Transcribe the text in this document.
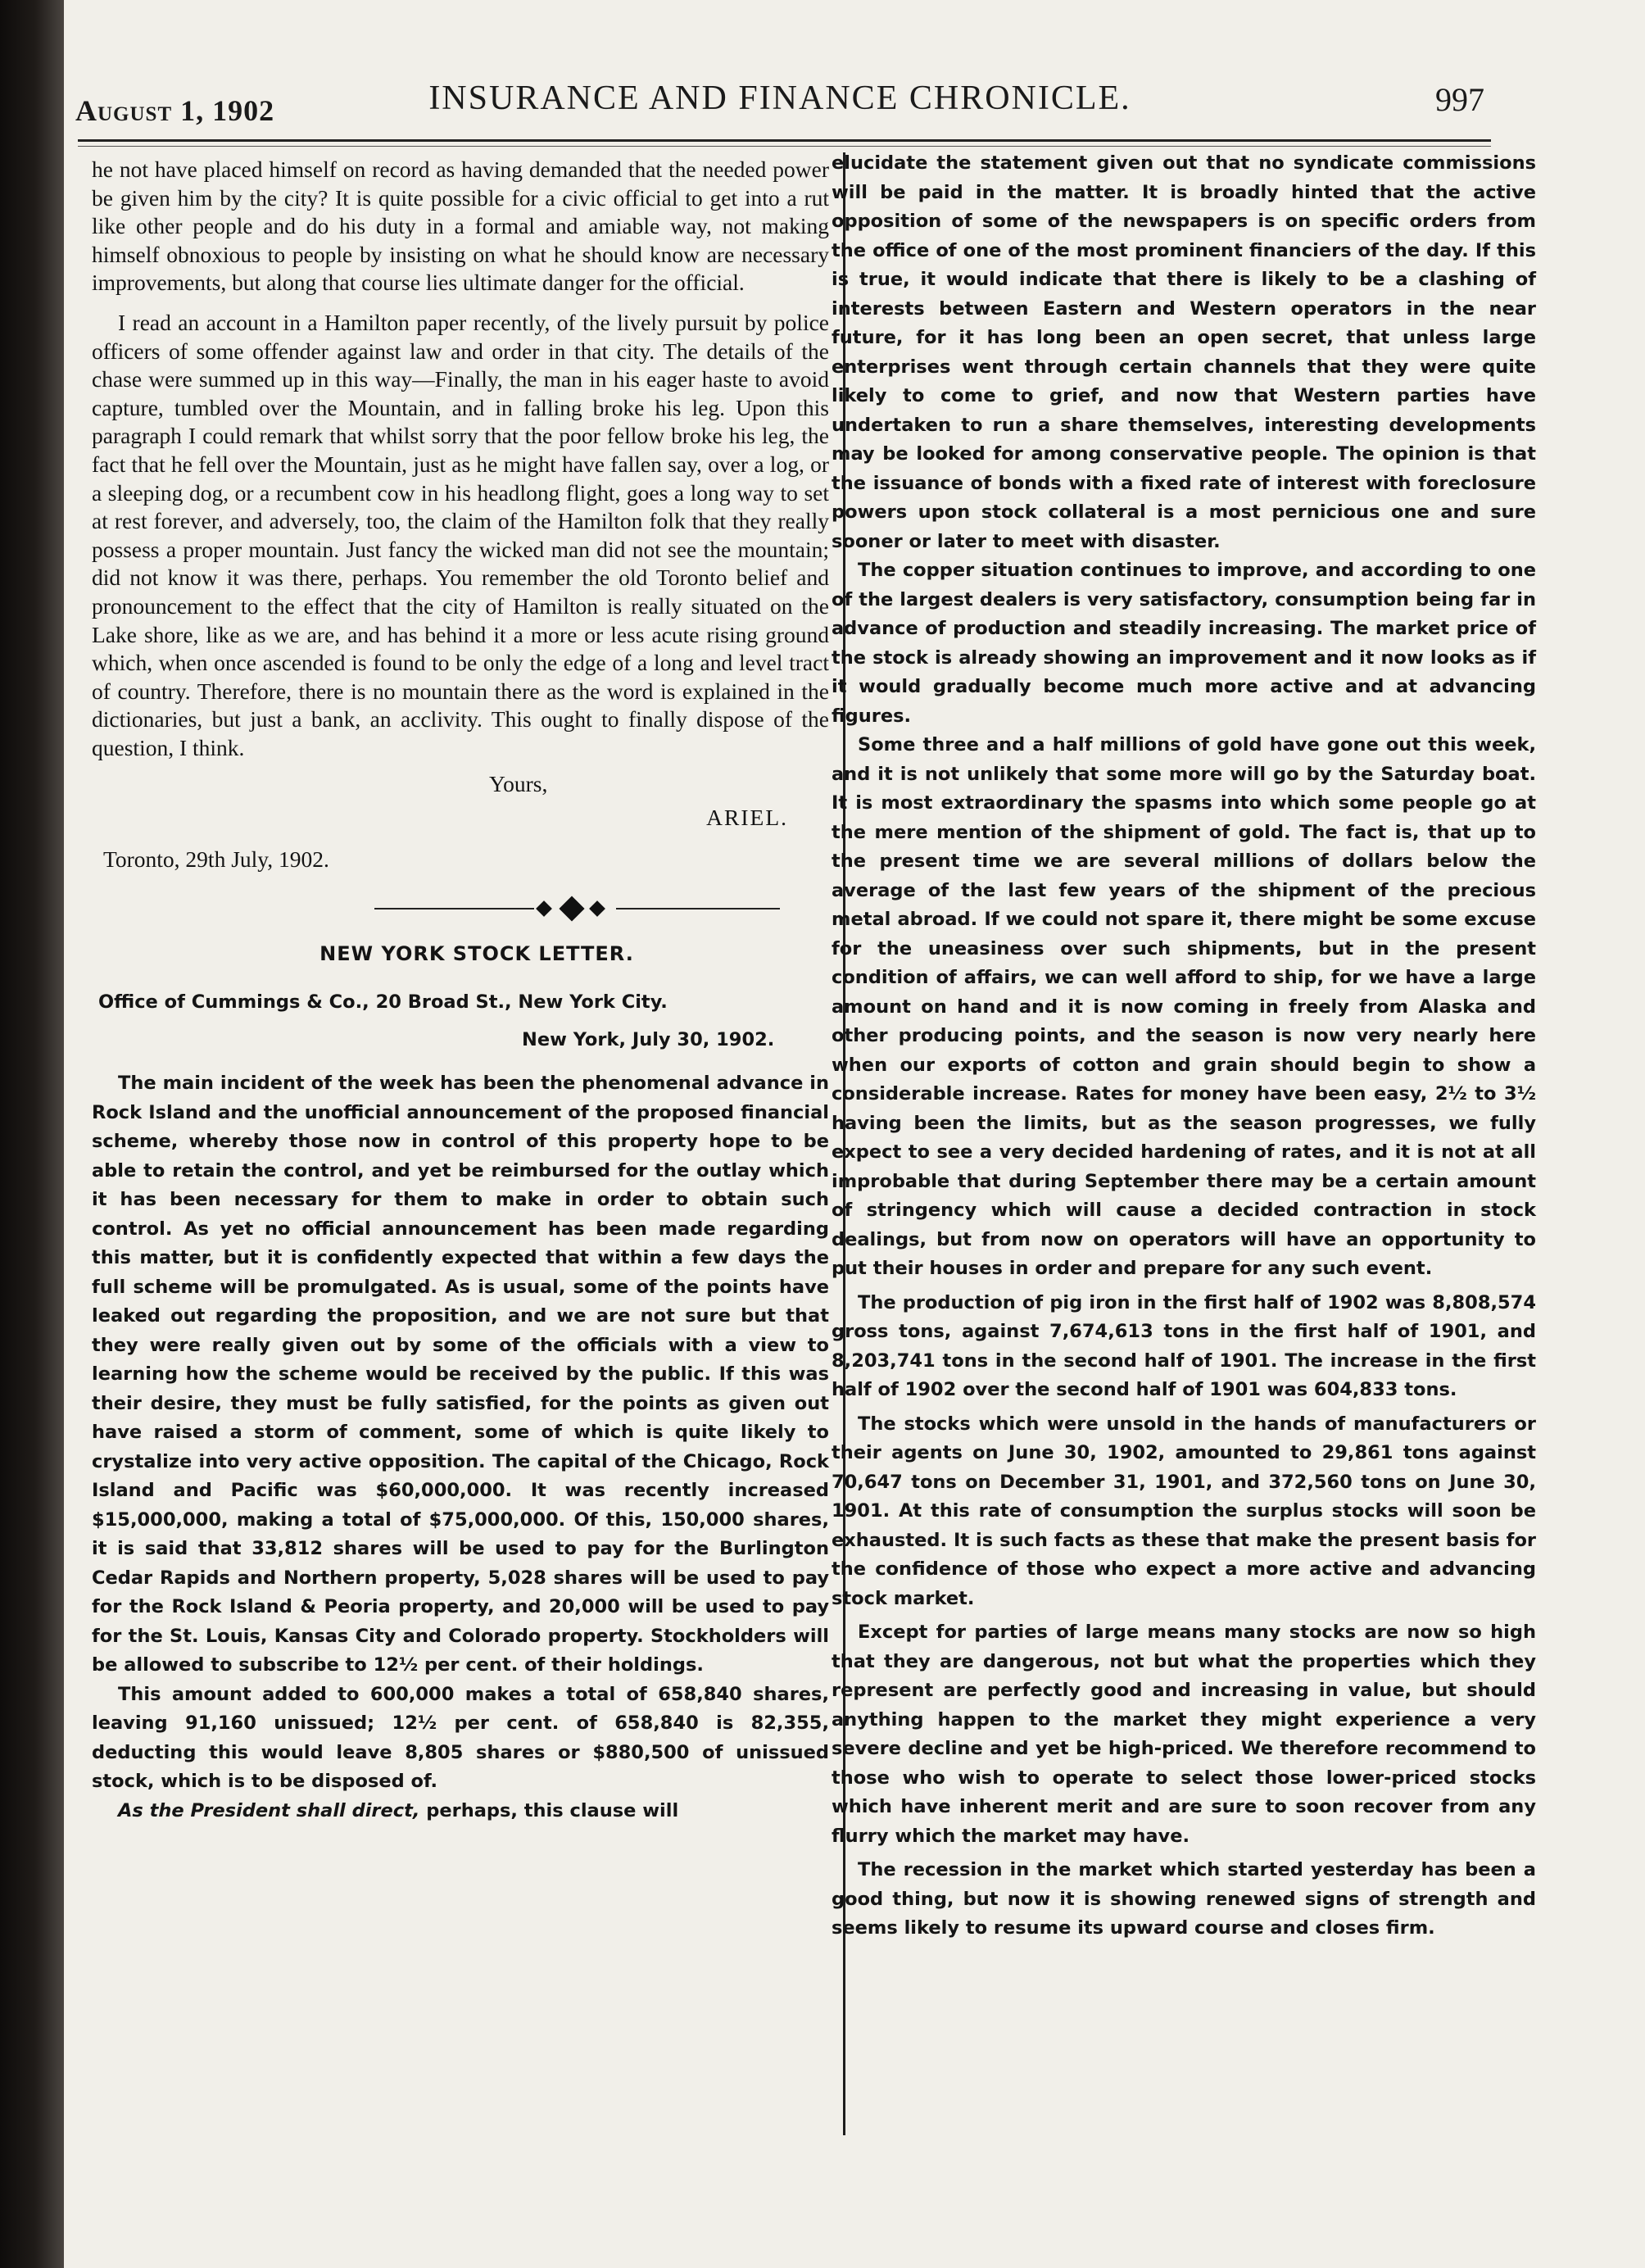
August 1, 1902	INSURANCE AND FINANCE CHRONICLE.	997

he not have placed himself on record as having demanded that the needed power be given him by the city? It is quite possible for a civic official to get into a rut like other people and do his duty in a formal and amiable way, not making himself obnoxious to people by insisting on what he should know are necessary improvements, but along that course lies ultimate danger for the official.

I read an account in a Hamilton paper recently, of the lively pursuit by police officers of some offender against law and order in that city. The details of the chase were summed up in this way—Finally, the man in his eager haste to avoid capture, tumbled over the Mountain, and in falling broke his leg. Upon this paragraph I could remark that whilst sorry that the poor fellow broke his leg, the fact that he fell over the Mountain, just as he might have fallen say, over a log, or a sleeping dog, or a recumbent cow in his headlong flight, goes a long way to set at rest forever, and adversely, too, the claim of the Hamilton folk that they really possess a proper mountain. Just fancy the wicked man did not see the mountain; did not know it was there, perhaps. You remember the old Toronto belief and pronouncement to the effect that the city of Hamilton is really situated on the Lake shore, like as we are, and has behind it a more or less acute rising ground which, when once ascended is found to be only the edge of a long and level tract of country. Therefore, there is no mountain there as the word is explained in the dictionaries, but just a bank, an acclivity. This ought to finally dispose of the question, I think.

Yours,

ARIEL.

Toronto, 29th July, 1902.

NEW YORK STOCK LETTER.

Office of Cummings & Co., 20 Broad St., New York City.

New York, July 30, 1902.

The main incident of the week has been the phenomenal advance in Rock Island and the unofficial announcement of the proposed financial scheme, whereby those now in control of this property hope to be able to retain the control, and yet be reimbursed for the outlay which it has been necessary for them to make in order to obtain such control. As yet no official announcement has been made regarding this matter, but it is confidently expected that within a few days the full scheme will be promulgated. As is usual, some of the points have leaked out regarding the proposition, and we are not sure but that they were really given out by some of the officials with a view to learning how the scheme would be received by the public. If this was their desire, they must be fully satisfied, for the points as given out have raised a storm of comment, some of which is quite likely to crystalize into very active opposition. The capital of the Chicago, Rock Island and Pacific was $60,000,000. It was recently increased $15,000,000, making a total of $75,000,000. Of this, 150,000 shares, it is said that 33,812 shares will be used to pay for the Burlington Cedar Rapids and Northern property, 5,028 shares will be used to pay for the Rock Island & Peoria property, and 20,000 will be used to pay for the St. Louis, Kansas City and Colorado property. Stockholders will be allowed to subscribe to 12½ per cent. of their holdings.

This amount added to 600,000 makes a total of 658,840 shares, leaving 91,160 unissued; 12½ per cent. of 658,840 is 82,355, deducting this would leave 8,805 shares or $880,500 of unissued stock, which is to be disposed of.

As the President shall direct, perhaps, this clause will

elucidate the statement given out that no syndicate commissions will be paid in the matter. It is broadly hinted that the active opposition of some of the newspapers is on specific orders from the office of one of the most prominent financiers of the day. If this is true, it would indicate that there is likely to be a clashing of interests between Eastern and Western operators in the near future, for it has long been an open secret, that unless large enterprises went through certain channels that they were quite likely to come to grief, and now that Western parties have undertaken to run a share themselves, interesting developments may be looked for among conservative people. The opinion is that the issuance of bonds with a fixed rate of interest with foreclosure powers upon stock collateral is a most pernicious one and sure sooner or later to meet with disaster.

The copper situation continues to improve, and according to one of the largest dealers is very satisfactory, consumption being far in advance of production and steadily increasing. The market price of the stock is already showing an improvement and it now looks as if it would gradually become much more active and at advancing figures.

Some three and a half millions of gold have gone out this week, and it is not unlikely that some more will go by the Saturday boat. It is most extraordinary the spasms into which some people go at the mere mention of the shipment of gold. The fact is, that up to the present time we are several millions of dollars below the average of the last few years of the shipment of the precious metal abroad. If we could not spare it, there might be some excuse for the uneasiness over such shipments, but in the present condition of affairs, we can well afford to ship, for we have a large amount on hand and it is now coming in freely from Alaska and other producing points, and the season is now very nearly here when our exports of cotton and grain should begin to show a considerable increase. Rates for money have been easy, 2½ to 3½ having been the limits, but as the season progresses, we fully expect to see a very decided hardening of rates, and it is not at all improbable that during September there may be a certain amount of stringency which will cause a decided contraction in stock dealings, but from now on operators will have an opportunity to put their houses in order and prepare for any such event.

The production of pig iron in the first half of 1902 was 8,808,574 gross tons, against 7,674,613 tons in the first half of 1901, and 8,203,741 tons in the second half of 1901. The increase in the first half of 1902 over the second half of 1901 was 604,833 tons.

The stocks which were unsold in the hands of manufacturers or their agents on June 30, 1902, amounted to 29,861 tons against 70,647 tons on December 31, 1901, and 372,560 tons on June 30, 1901. At this rate of consumption the surplus stocks will soon be exhausted. It is such facts as these that make the present basis for the confidence of those who expect a more active and advancing stock market.

Except for parties of large means many stocks are now so high that they are dangerous, not but what the properties which they represent are perfectly good and increasing in value, but should anything happen to the market they might experience a very severe decline and yet be high-priced. We therefore recommend to those who wish to operate to select those lower-priced stocks which have inherent merit and are sure to soon recover from any flurry which the market may have.

The recession in the market which started yesterday has been a good thing, but now it is showing renewed signs of strength and seems likely to resume its upward course and closes firm.
